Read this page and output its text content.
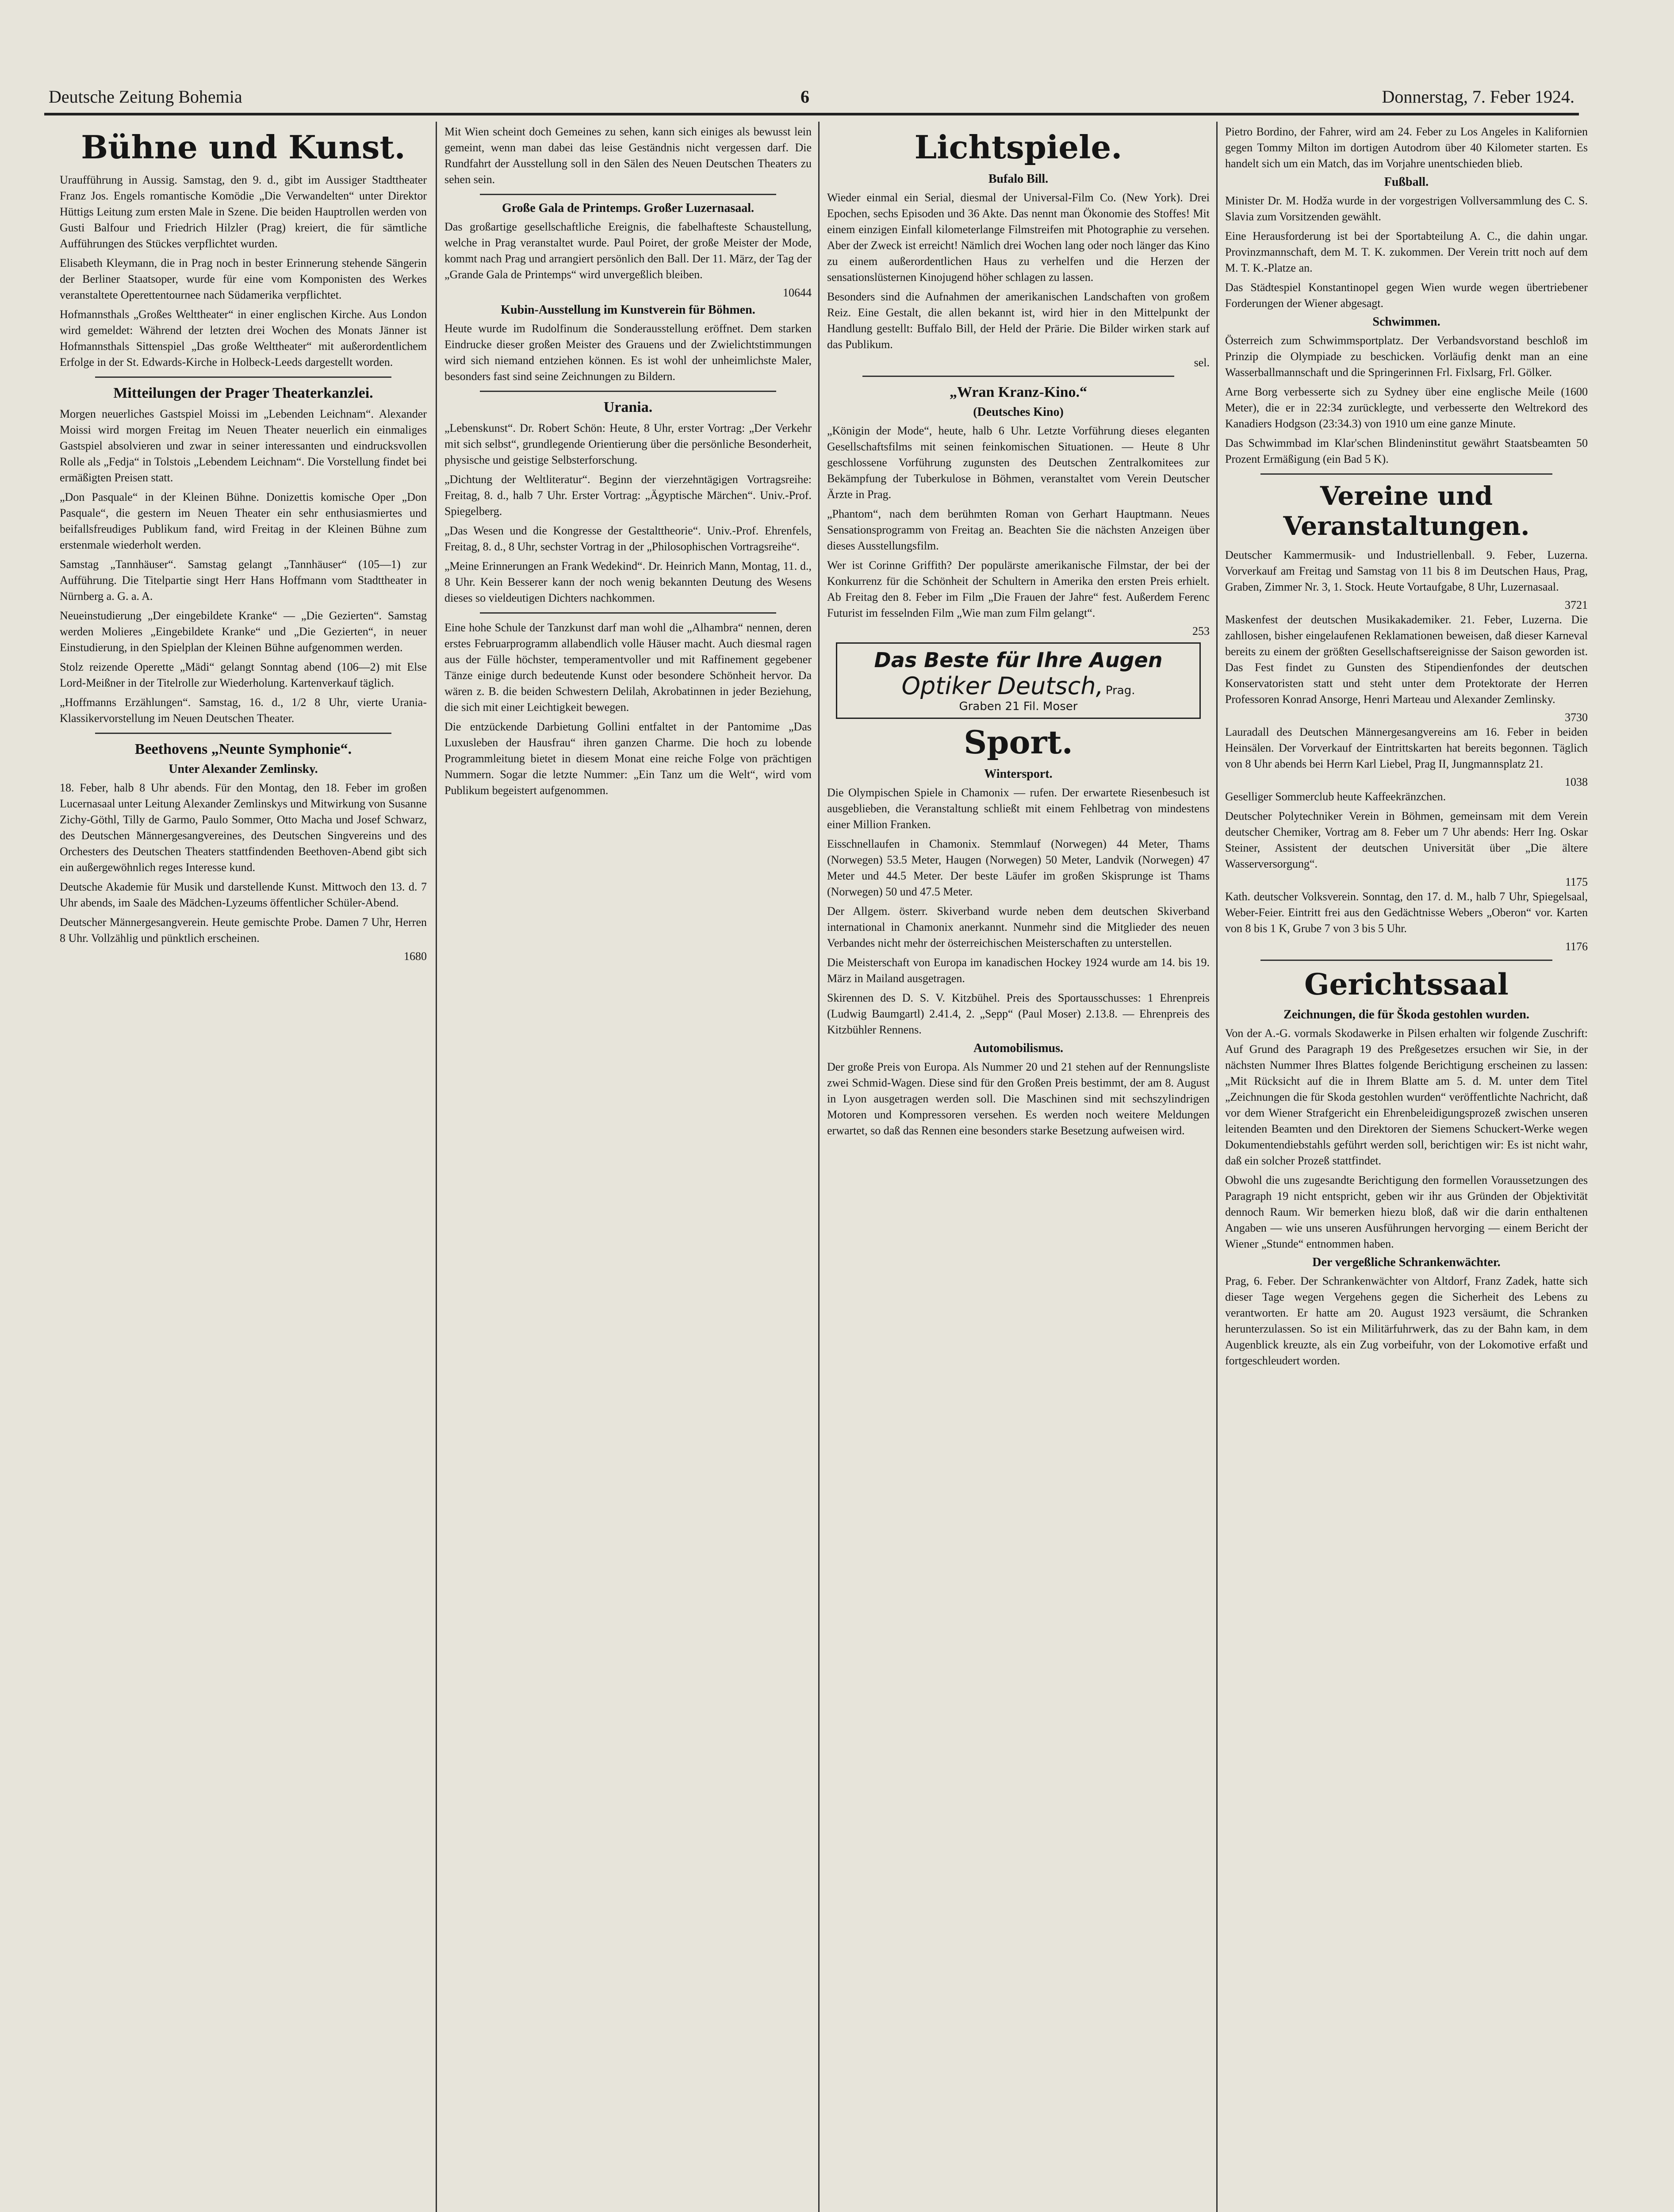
Deutsche Zeitung Bohemia	6	Donnerstag, 7. Feber 1924.
Bühne und Kunst.

Uraufführung in Aussig. Samstag, den 9. d., gibt im Aussiger Stadttheater Franz Jos. Engels romantische Komödie „Die Verwandelten“ unter Direktor Hüttigs Leitung zum ersten Male in Szene. Die beiden Hauptrollen werden von Gusti Balfour und Friedrich Hilzler (Prag) kreiert, die für sämtliche Aufführungen des Stückes verpflichtet wurden.

Elisabeth Kleymann, die in Prag noch in bester Erinnerung stehende Sängerin der Berliner Staatsoper, wurde für eine vom Komponisten des Werkes veranstaltete Operettentournee nach Südamerika verpflichtet.

Hofmannsthals „Großes Welttheater“ in einer englischen Kirche. Aus London wird gemeldet: Während der letzten drei Wochen des Monats Jänner ist Hofmannsthals Sittenspiel „Das große Welttheater“ mit außerordentlichem Erfolge in der St. Edwards-Kirche in Holbeck-Leeds dargestellt worden.

Mitteilungen der Prager Theaterkanzlei.

Morgen neuerliches Gastspiel Moissi im „Lebenden Leichnam“. Alexander Moissi wird morgen Freitag im Neuen Theater neuerlich ein einmaliges Gastspiel absolvieren und zwar in seiner interessanten und eindrucksvollen Rolle als „Fedja“ in Tolstois „Lebendem Leichnam“. Die Vorstellung findet bei ermäßigten Preisen statt.

„Don Pasquale“ in der Kleinen Bühne. Donizettis komische Oper „Don Pasquale“, die gestern im Neuen Theater ein sehr enthusiasmiertes und beifallsfreudiges Publikum fand, wird Freitag in der Kleinen Bühne zum erstenmale wiederholt werden.

Samstag „Tannhäuser“. Samstag gelangt „Tannhäuser“ (105—1) zur Aufführung. Die Titelpartie singt Herr Hans Hoffmann vom Stadttheater in Nürnberg a. G. a. A.

Neueinstudierung „Der eingebildete Kranke“ — „Die Gezierten“. Samstag werden Molieres „Eingebildete Kranke“ und „Die Gezierten“, in neuer Einstudierung, in den Spielplan der Kleinen Bühne aufgenommen werden.

Stolz reizende Operette „Mädi“ gelangt Sonntag abend (106—2) mit Else Lord-Meißner in der Titelrolle zur Wiederholung. Kartenverkauf täglich.

„Hoffmanns Erzählungen“. Samstag, 16. d., 1/2 8 Uhr, vierte Urania-Klassikervorstellung im Neuen Deutschen Theater.

Beethovens „Neunte Symphonie“.
Unter Alexander Zemlinsky.

18. Feber, halb 8 Uhr abends. Für den Montag, den 18. Feber im großen Lucernasaal unter Leitung Alexander Zemlinskys und Mitwirkung von Susanne Zichy-Göthl, Tilly de Garmo, Paulo Sommer, Otto Macha und Josef Schwarz, des Deutschen Männergesangvereines, des Deutschen Singvereins und des Orchesters des Deutschen Theaters stattfindenden Beethoven-Abend gibt sich ein außergewöhnlich reges Interesse kund.

Deutsche Akademie für Musik und darstellende Kunst. Mittwoch den 13. d. 7 Uhr abends, im Saale des Mädchen-Lyzeums öffentlicher Schüler-Abend.

Deutscher Männergesangverein. Heute gemischte Probe. Damen 7 Uhr, Herren 8 Uhr. Vollzählig und pünktlich erscheinen.

1680

Mit Wien scheint doch Gemeines zu sehen, kann sich einiges als bewusst lein gemeint, wenn man dabei das leise Geständnis nicht vergessen darf. Die Rundfahrt der Ausstellung soll in den Sälen des Neuen Deutschen Theaters zu sehen sein.

Große Gala de Printemps. Großer Luzernasaal.

Das großartige gesellschaftliche Ereignis, die fabelhafteste Schaustellung, welche in Prag veranstaltet wurde. Paul Poiret, der große Meister der Mode, kommt nach Prag und arrangiert persönlich den Ball. Der 11. März, der Tag der „Grande Gala de Printemps“ wird unvergeßlich bleiben.

10644
Kubin-Ausstellung im Kunstverein für Böhmen.

Heute wurde im Rudolfinum die Sonderausstellung eröffnet. Dem starken Eindrucke dieser großen Meister des Grauens und der Zwielichtstimmungen wird sich niemand entziehen können. Es ist wohl der unheimlichste Maler, besonders fast sind seine Zeichnungen zu Bildern.

Urania.

„Lebenskunst“. Dr. Robert Schön: Heute, 8 Uhr, erster Vortrag: „Der Verkehr mit sich selbst“, grundlegende Orientierung über die persönliche Besonderheit, physische und geistige Selbsterforschung.

„Dichtung der Weltliteratur“. Beginn der vierzehntägigen Vortragsreihe: Freitag, 8. d., halb 7 Uhr. Erster Vortrag: „Ägyptische Märchen“. Univ.-Prof. Spiegelberg.

„Das Wesen und die Kongresse der Gestalttheorie“. Univ.-Prof. Ehrenfels, Freitag, 8. d., 8 Uhr, sechster Vortrag in der „Philosophischen Vortragsreihe“.

„Meine Erinnerungen an Frank Wedekind“. Dr. Heinrich Mann, Montag, 11. d., 8 Uhr. Kein Besserer kann der noch wenig bekannten Deutung des Wesens dieses so vieldeutigen Dichters nachkommen.

Eine hohe Schule der Tanzkunst darf man wohl die „Alhambra“ nennen, deren erstes Februarprogramm allabendlich volle Häuser macht. Auch diesmal ragen aus der Fülle höchster, temperamentvoller und mit Raffinement gegebener Tänze einige durch bedeutende Kunst oder besondere Schönheit hervor. Da wären z. B. die beiden Schwestern Delilah, Akrobatinnen in jeder Beziehung, die sich mit einer Leichtigkeit bewegen.

Die entzückende Darbietung Gollini entfaltet in der Pantomime „Das Luxusleben der Hausfrau“ ihren ganzen Charme. Die hoch zu lobende Programmleitung bietet in diesem Monat eine reiche Folge von prächtigen Nummern. Sogar die letzte Nummer: „Ein Tanz um die Welt“, wird vom Publikum begeistert aufgenommen.

Lichtspiele.
Bufalo Bill.

Wieder einmal ein Serial, diesmal der Universal-Film Co. (New York). Drei Epochen, sechs Episoden und 36 Akte. Das nennt man Ökonomie des Stoffes! Mit einem einzigen Einfall kilometerlange Filmstreifen mit Photographie zu versehen. Aber der Zweck ist erreicht! Nämlich drei Wochen lang oder noch länger das Kino zu einem außerordentlichen Haus zu verhelfen und die Herzen der sensationslüsternen Kinojugend höher schlagen zu lassen.

Besonders sind die Aufnahmen der amerikanischen Landschaften von großem Reiz. Eine Gestalt, die allen bekannt ist, wird hier in den Mittelpunkt der Handlung gestellt: Buffalo Bill, der Held der Prärie. Die Bilder wirken stark auf das Publikum.

sel.
„Wran Kranz-Kino.“
(Deutsches Kino)

„Königin der Mode“, heute, halb 6 Uhr. Letzte Vorführung dieses eleganten Gesellschaftsfilms mit seinen feinkomischen Situationen. — Heute 8 Uhr geschlossene Vorführung zugunsten des Deutschen Zentralkomitees zur Bekämpfung der Tuberkulose in Böhmen, veranstaltet vom Verein Deutscher Ärzte in Prag.

„Phantom“, nach dem berühmten Roman von Gerhart Hauptmann. Neues Sensationsprogramm von Freitag an. Beachten Sie die nächsten Anzeigen über dieses Ausstellungsfilm.

Wer ist Corinne Griffith? Der populärste amerikanische Filmstar, der bei der Konkurrenz für die Schönheit der Schultern in Amerika den ersten Preis erhielt. Ab Freitag den 8. Feber im Film „Die Frauen der Jahre“ fest. Außerdem Ferenc Futurist im fesselnden Film „Wie man zum Film gelangt“.

253
Das Beste für Ihre Augen
Optiker Deutsch, Prag.
Graben 21 Fil. Moser
Sport.
Wintersport.

Die Olympischen Spiele in Chamonix — rufen. Der erwartete Riesenbesuch ist ausgeblieben, die Veranstaltung schließt mit einem Fehlbetrag von mindestens einer Million Franken.

Eisschnellaufen in Chamonix. Stemmlauf (Norwegen) 44 Meter, Thams (Norwegen) 53.5 Meter, Haugen (Norwegen) 50 Meter, Landvik (Norwegen) 47 Meter und 44.5 Meter. Der beste Läufer im großen Skisprunge ist Thams (Norwegen) 50 und 47.5 Meter.

Der Allgem. österr. Skiverband wurde neben dem deutschen Skiverband international in Chamonix anerkannt. Nunmehr sind die Mitglieder des neuen Verbandes nicht mehr der österreichischen Meisterschaften zu unterstellen.

Die Meisterschaft von Europa im kanadischen Hockey 1924 wurde am 14. bis 19. März in Mailand ausgetragen.

Skirennen des D. S. V. Kitzbühel. Preis des Sportausschusses: 1 Ehrenpreis (Ludwig Baumgartl) 2.41.4, 2. „Sepp“ (Paul Moser) 2.13.8. — Ehrenpreis des Kitzbühler Rennens.

Automobilismus.

Der große Preis von Europa. Als Nummer 20 und 21 stehen auf der Rennungsliste zwei Schmid-Wagen. Diese sind für den Großen Preis bestimmt, der am 8. August in Lyon ausgetragen werden soll. Die Maschinen sind mit sechszylindrigen Motoren und Kompressoren versehen. Es werden noch weitere Meldungen erwartet, so daß das Rennen eine besonders starke Besetzung aufweisen wird.

Pietro Bordino, der Fahrer, wird am 24. Feber zu Los Angeles in Kalifornien gegen Tommy Milton im dortigen Autodrom über 40 Kilometer starten. Es handelt sich um ein Match, das im Vorjahre unentschieden blieb.

Fußball.

Minister Dr. M. Hodža wurde in der vorgestrigen Vollversammlung des C. S. Slavia zum Vorsitzenden gewählt.

Eine Herausforderung ist bei der Sportabteilung A. C., die dahin ungar. Provinzmannschaft, dem M. T. K. zukommen. Der Verein tritt noch auf dem M. T. K.-Platze an.

Das Städtespiel Konstantinopel gegen Wien wurde wegen übertriebener Forderungen der Wiener abgesagt.

Schwimmen.

Österreich zum Schwimmsportplatz. Der Verbandsvorstand beschloß im Prinzip die Olympiade zu beschicken. Vorläufig denkt man an eine Wasserballmannschaft und die Springerinnen Frl. Fixlsarg, Frl. Gölker.

Arne Borg verbesserte sich zu Sydney über eine englische Meile (1600 Meter), die er in 22:34 zurücklegte, und verbesserte den Weltrekord des Kanadiers Hodgson (23:34.3) von 1910 um eine ganze Minute.

Das Schwimmbad im Klar'schen Blindeninstitut gewährt Staatsbeamten 50 Prozent Ermäßigung (ein Bad 5 K).

Vereine und Veranstaltungen.

Deutscher Kammermusik- und Industriellenball. 9. Feber, Luzerna. Vorverkauf am Freitag und Samstag von 11 bis 8 im Deutschen Haus, Prag, Graben, Zimmer Nr. 3, 1. Stock. Heute Vortaufgabe, 8 Uhr, Luzernasaal.

3721

Maskenfest der deutschen Musikakademiker. 21. Feber, Luzerna. Die zahllosen, bisher eingelaufenen Reklamationen beweisen, daß dieser Karneval bereits zu einem der größten Gesellschaftsereignisse der Saison geworden ist. Das Fest findet zu Gunsten des Stipendienfondes der deutschen Konservatoristen statt und steht unter dem Protektorate der Herren Professoren Konrad Ansorge, Henri Marteau und Alexander Zemlinsky.

3730

Lauradall des Deutschen Männergesangvereins am 16. Feber in beiden Heinsälen. Der Vorverkauf der Eintrittskarten hat bereits begonnen. Täglich von 8 Uhr abends bei Herrn Karl Liebel, Prag II, Jungmannsplatz 21.

1038

Geselliger Sommerclub heute Kaffeekränzchen.

Deutscher Polytechniker Verein in Böhmen, gemeinsam mit dem Verein deutscher Chemiker, Vortrag am 8. Feber um 7 Uhr abends: Herr Ing. Oskar Steiner, Assistent der deutschen Universität über „Die ältere Wasserversorgung“.

1175

Kath. deutscher Volksverein. Sonntag, den 17. d. M., halb 7 Uhr, Spiegelsaal, Weber-Feier. Eintritt frei aus den Gedächtnisse Webers „Oberon“ vor. Karten von 8 bis 1 K, Grube 7 von 3 bis 5 Uhr.

1176
Gerichtssaal
Zeichnungen, die für Škoda gestohlen wurden.

Von der A.-G. vormals Skodawerke in Pilsen erhalten wir folgende Zuschrift: Auf Grund des Paragraph 19 des Preßgesetzes ersuchen wir Sie, in der nächsten Nummer Ihres Blattes folgende Berichtigung erscheinen zu lassen: „Mit Rücksicht auf die in Ihrem Blatte am 5. d. M. unter dem Titel „Zeichnungen die für Skoda gestohlen wurden“ veröffentlichte Nachricht, daß vor dem Wiener Strafgericht ein Ehrenbeleidigungsprozeß zwischen unseren leitenden Beamten und den Direktoren der Siemens Schuckert-Werke wegen Dokumentendiebstahls geführt werden soll, berichtigen wir: Es ist nicht wahr, daß ein solcher Prozeß stattfindet.

Obwohl die uns zugesandte Berichtigung den formellen Voraussetzungen des Paragraph 19 nicht entspricht, geben wir ihr aus Gründen der Objektivität dennoch Raum. Wir bemerken hiezu bloß, daß wir die darin enthaltenen Angaben — wie uns unseren Ausführungen hervorging — einem Bericht der Wiener „Stunde“ entnommen haben.

Der vergeßliche Schrankenwächter.

Prag, 6. Feber. Der Schrankenwächter von Altdorf, Franz Zadek, hatte sich dieser Tage wegen Vergehens gegen die Sicherheit des Lebens zu verantworten. Er hatte am 20. August 1923 versäumt, die Schranken herunterzulassen. So ist ein Militärfuhrwerk, das zu der Bahn kam, in dem Augenblick kreuzte, als ein Zug vorbeifuhr, von der Lokomotive erfaßt und fortgeschleudert worden.
